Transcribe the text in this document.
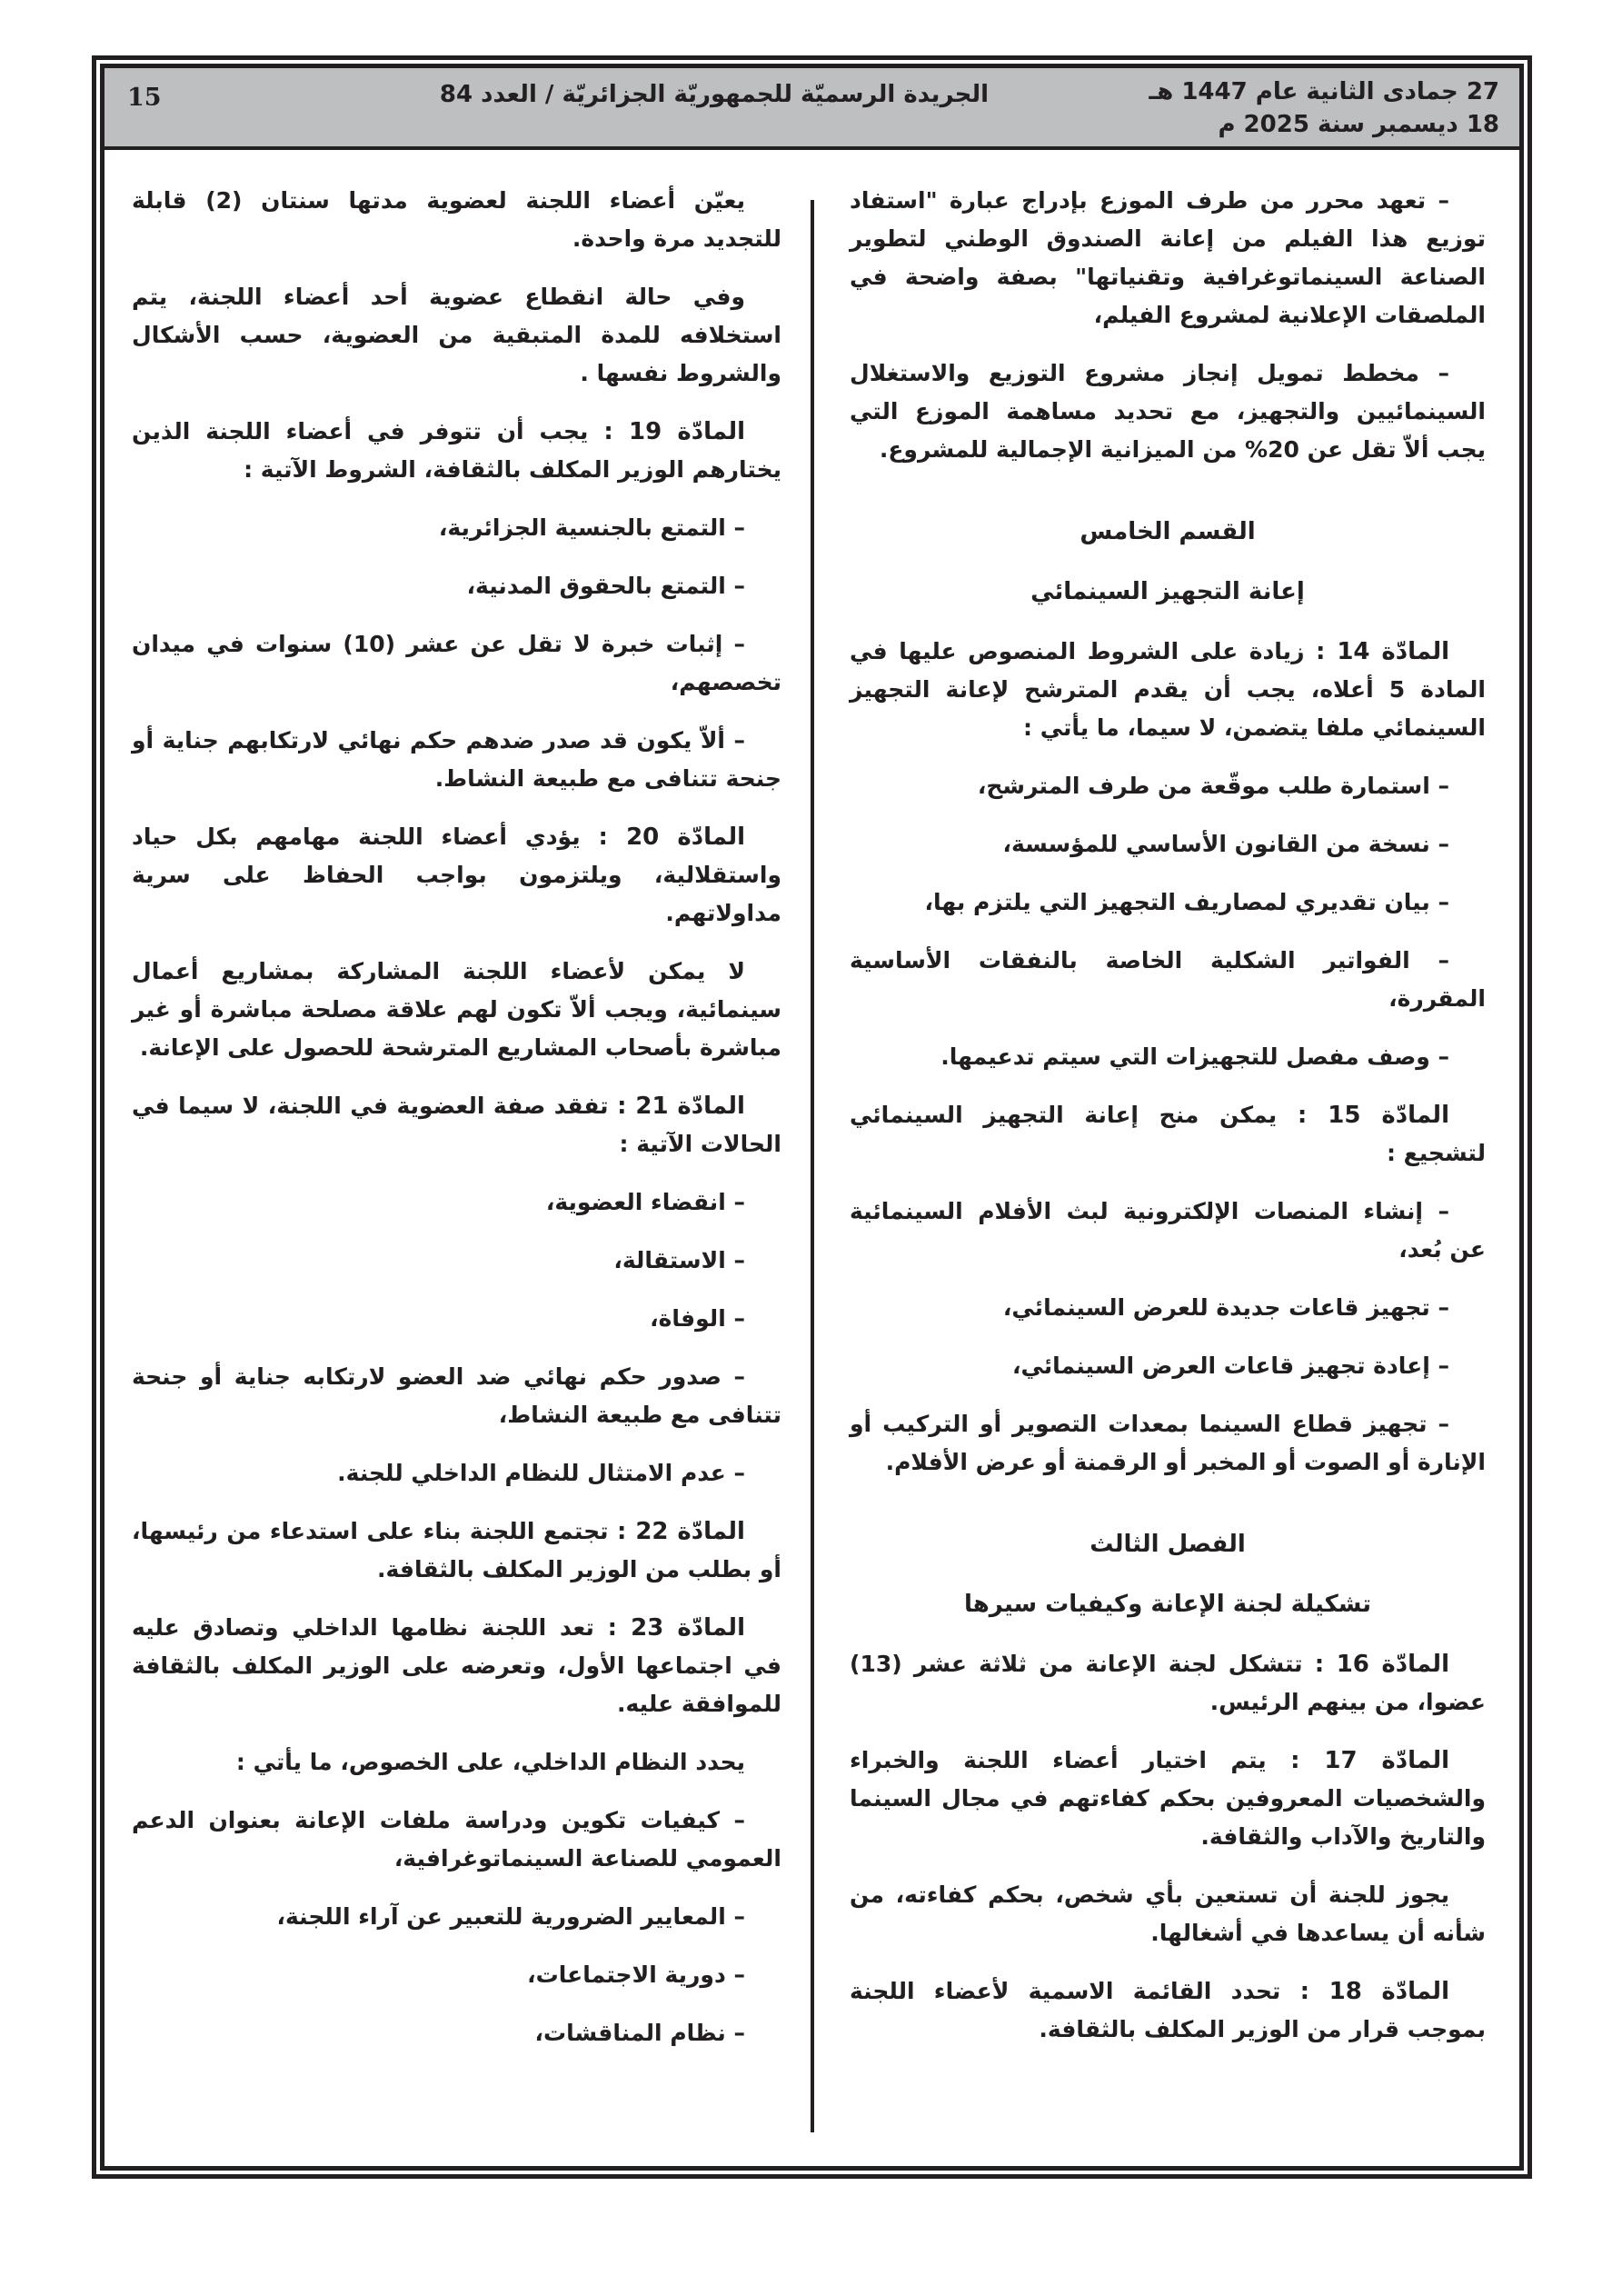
15	الجريدة الرسميّة للجمهوريّة الجزائريّة / العدد 84	27 جمادى الثانية عام 1447 هـ
18 ديسمبر سنة 2025 م

– تعهد محرر من طرف الموزع بإدراج عبارة "استفاد توزيع هذا الفيلم من إعانة الصندوق الوطني لتطوير الصناعة السينماتوغرافية وتقنياتها" بصفة واضحة في الملصقات الإعلانية لمشروع الفيلم،

– مخطط تمويل إنجاز مشروع التوزيع والاستغلال السينمائيين والتجهيز، مع تحديد مساهمة الموزع التي يجب ألاّ تقل عن 20% من الميزانية الإجمالية للمشروع.

القسم الخامس
إعانة التجهيز السينمائي

المادّة 14 : زيادة على الشروط المنصوص عليها في المادة 5 أعلاه، يجب أن يقدم المترشح لإعانة التجهيز السينمائي ملفا يتضمن، لا سيما، ما يأتي :

– استمارة طلب موقّعة من طرف المترشح،

– نسخة من القانون الأساسي للمؤسسة،

– بيان تقديري لمصاريف التجهيز التي يلتزم بها،

– الفواتير الشكلية الخاصة بالنفقات الأساسية المقررة،

– وصف مفصل للتجهيزات التي سيتم تدعيمها.

المادّة 15 : يمكن منح إعانة التجهيز السينمائي لتشجيع :

– إنشاء المنصات الإلكترونية لبث الأفلام السينمائية عن بُعد،

– تجهيز قاعات جديدة للعرض السينمائي،

– إعادة تجهيز قاعات العرض السينمائي،

– تجهيز قطاع السينما بمعدات التصوير أو التركيب أو الإنارة أو الصوت أو المخبر أو الرقمنة أو عرض الأفلام.

الفصل الثالث
تشكيلة لجنة الإعانة وكيفيات سيرها

المادّة 16 : تتشكل لجنة الإعانة من ثلاثة عشر (13) عضوا، من بينهم الرئيس.

المادّة 17 : يتم اختيار أعضاء اللجنة والخبراء والشخصيات المعروفين بحكم كفاءتهم في مجال السينما والتاريخ والآداب والثقافة.

يجوز للجنة أن تستعين بأي شخص، بحكم كفاءته، من شأنه أن يساعدها في أشغالها.

المادّة 18 : تحدد القائمة الاسمية لأعضاء اللجنة بموجب قرار من الوزير المكلف بالثقافة.

يعيّن أعضاء اللجنة لعضوية مدتها سنتان (2) قابلة للتجديد مرة واحدة.

وفي حالة انقطاع عضوية أحد أعضاء اللجنة، يتم استخلافه للمدة المتبقية من العضوية، حسب الأشكال والشروط نفسها .

المادّة 19 : يجب أن تتوفر في أعضاء اللجنة الذين يختارهم الوزير المكلف بالثقافة، الشروط الآتية :

– التمتع بالجنسية الجزائرية،

– التمتع بالحقوق المدنية،

– إثبات خبرة لا تقل عن عشر (10) سنوات في ميدان تخصصهم،

– ألاّ يكون قد صدر ضدهم حكم نهائي لارتكابهم جناية أو جنحة تتنافى مع طبيعة النشاط.

المادّة 20 : يؤدي أعضاء اللجنة مهامهم بكل حياد واستقلالية، ويلتزمون بواجب الحفاظ على سرية مداولاتهم.

لا يمكن لأعضاء اللجنة المشاركة بمشاريع أعمال سينمائية، ويجب ألاّ تكون لهم علاقة مصلحة مباشرة أو غير مباشرة بأصحاب المشاريع المترشحة للحصول على الإعانة.

المادّة 21 : تفقد صفة العضوية في اللجنة، لا سيما في الحالات الآتية :

– انقضاء العضوية،

– الاستقالة،

– الوفاة،

– صدور حكم نهائي ضد العضو لارتكابه جناية أو جنحة تتنافى مع طبيعة النشاط،

– عدم الامتثال للنظام الداخلي للجنة.

المادّة 22 : تجتمع اللجنة بناء على استدعاء من رئيسها، أو بطلب من الوزير المكلف بالثقافة.

المادّة 23 : تعد اللجنة نظامها الداخلي وتصادق عليه في اجتماعها الأول، وتعرضه على الوزير المكلف بالثقافة للموافقة عليه.

يحدد النظام الداخلي، على الخصوص، ما يأتي :

– كيفيات تكوين ودراسة ملفات الإعانة بعنوان الدعم العمومي للصناعة السينماتوغرافية،

– المعايير الضرورية للتعبير عن آراء اللجنة،

– دورية الاجتماعات،

– نظام المناقشات،
